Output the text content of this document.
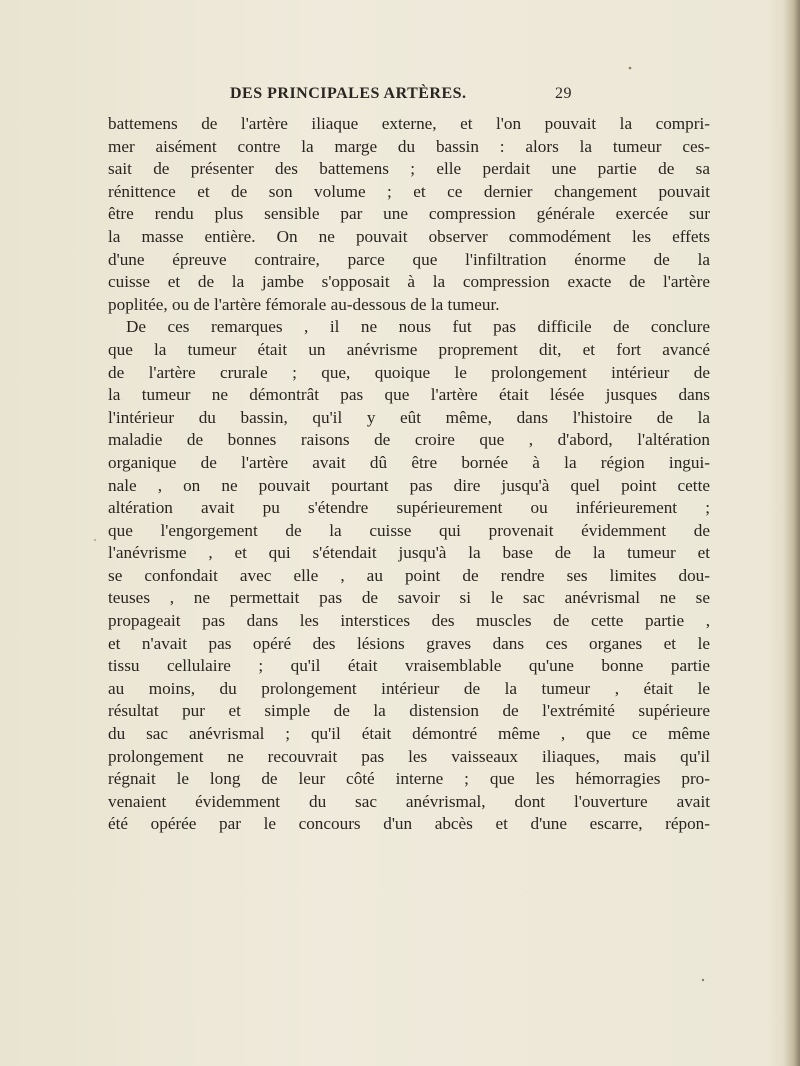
DES PRINCIPALES ARTÈRES.	29
battemens de l'artère iliaque externe, et l'on pouvait la compri-
mer aisément contre la marge du bassin : alors la tumeur ces-
sait de présenter des battemens ; elle perdait une partie de sa
rénittence et de son volume ; et ce dernier changement pouvait
être rendu plus sensible par une compression générale exercée sur
la masse entière. On ne pouvait observer commodément les effets
d'une épreuve contraire, parce que l'infiltration énorme de la
cuisse et de la jambe s'opposait à la compression exacte de l'artère
poplitée, ou de l'artère fémorale au-dessous de la tumeur.
De ces remarques , il ne nous fut pas difficile de conclure
que la tumeur était un anévrisme proprement dit, et fort avancé
de l'artère crurale ; que, quoique le prolongement intérieur de
la tumeur ne démontrât pas que l'artère était lésée jusques dans
l'intérieur du bassin, qu'il y eût même, dans l'histoire de la
maladie de bonnes raisons de croire que , d'abord, l'altération
organique de l'artère avait dû être bornée à la région ingui-
nale , on ne pouvait pourtant pas dire jusqu'à quel point cette
altération avait pu s'étendre supérieurement ou inférieurement ;
que l'engorgement de la cuisse qui provenait évidemment de
l'anévrisme , et qui s'étendait jusqu'à la base de la tumeur et
se confondait avec elle , au point de rendre ses limites dou-
teuses , ne permettait pas de savoir si le sac anévrismal ne se
propageait pas dans les interstices des muscles de cette partie ,
et n'avait pas opéré des lésions graves dans ces organes et le
tissu cellulaire ; qu'il était vraisemblable qu'une bonne partie
au moins, du prolongement intérieur de la tumeur , était le
résultat pur et simple de la distension de l'extrémité supérieure
du sac anévrismal ; qu'il était démontré même , que ce même
prolongement ne recouvrait pas les vaisseaux iliaques, mais qu'il
régnait le long de leur côté interne ; que les hémorragies pro-
venaient évidemment du sac anévrismal, dont l'ouverture avait
été opérée par le concours d'un abcès et d'une escarre, répon-
